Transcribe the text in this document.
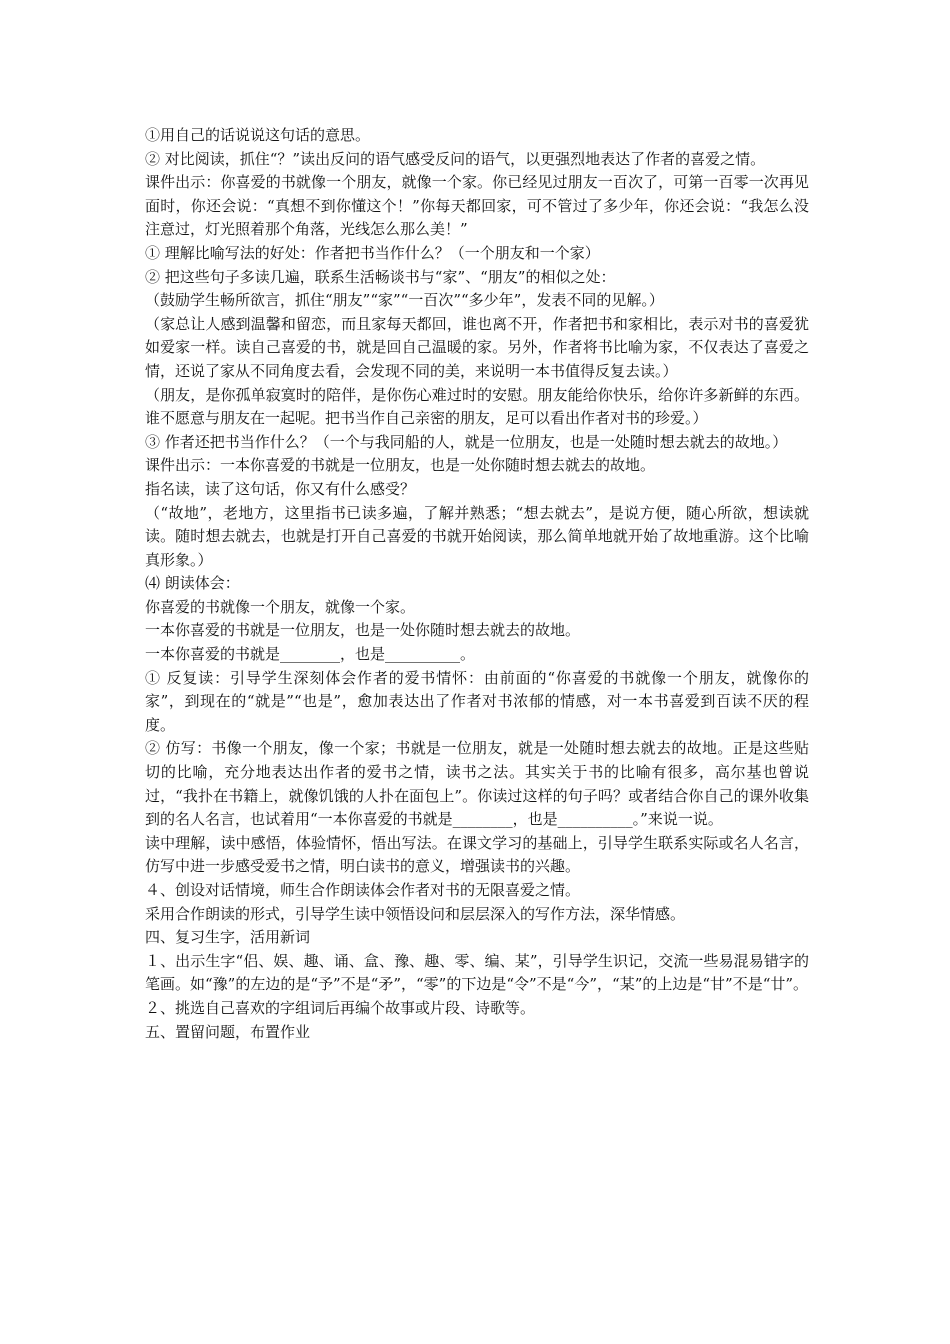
①用自己的话说说这句话的意思。

② 对比阅读，抓住“？”读出反问的语气感受反问的语气，以更强烈地表达了作者的喜爱之情。

课件出示：你喜爱的书就像一个朋友，就像一个家。你已经见过朋友一百次了，可第一百零一次再见面时，你还会说：“真想不到你懂这个！”你每天都回家，可不管过了多少年，你还会说：“我怎么没注意过，灯光照着那个角落，光线怎么那么美！”

① 理解比喻写法的好处：作者把书当作什么？（一个朋友和一个家）

② 把这些句子多读几遍，联系生活畅谈书与“家”、“朋友”的相似之处：

（鼓励学生畅所欲言，抓住“朋友”“家”“一百次”“多少年”，发表不同的见解。）

（家总让人感到温馨和留恋，而且家每天都回，谁也离不开，作者把书和家相比，表示对书的喜爱犹如爱家一样。读自己喜爱的书，就是回自己温暖的家。另外，作者将书比喻为家，不仅表达了喜爱之情，还说了家从不同角度去看，会发现不同的美，来说明一本书值得反复去读。）

（朋友，是你孤单寂寞时的陪伴，是你伤心难过时的安慰。朋友能给你快乐，给你许多新鲜的东西。谁不愿意与朋友在一起呢。把书当作自己亲密的朋友，足可以看出作者对书的珍爱。）

③ 作者还把书当作什么？（一个与我同船的人，就是一位朋友，也是一处随时想去就去的故地。）

课件出示：一本你喜爱的书就是一位朋友，也是一处你随时想去就去的故地。

指名读，读了这句话，你又有什么感受？

（“故地”，老地方，这里指书已读多遍，了解并熟悉；“想去就去”，是说方便，随心所欲，想读就读。随时想去就去，也就是打开自己喜爱的书就开始阅读，那么简单地就开始了故地重游。这个比喻真形象。）

⑷ 朗读体会：

你喜爱的书就像一个朋友，就像一个家。

一本你喜爱的书就是一位朋友，也是一处你随时想去就去的故地。

一本你喜爱的书就是________，也是__________。

① 反复读：引导学生深刻体会作者的爱书情怀：由前面的“你喜爱的书就像一个朋友，就像你的家”，到现在的“就是”“也是”，愈加表达出了作者对书浓郁的情感，对一本书喜爱到百读不厌的程度。

② 仿写：书像一个朋友，像一个家；书就是一位朋友，就是一处随时想去就去的故地。正是这些贴切的比喻，充分地表达出作者的爱书之情，读书之法。其实关于书的比喻有很多，高尔基也曾说过，“我扑在书籍上，就像饥饿的人扑在面包上”。你读过这样的句子吗？或者结合你自己的课外收集到的名人名言，也试着用“一本你喜爱的书就是________，也是__________。”来说一说。

读中理解，读中感悟，体验情怀，悟出写法。在课文学习的基础上，引导学生联系实际或名人名言，仿写中进一步感受爱书之情，明白读书的意义，增强读书的兴趣。

４、创设对话情境，师生合作朗读体会作者对书的无限喜爱之情。

采用合作朗读的形式，引导学生读中领悟设问和层层深入的写作方法，深华情感。

四、复习生字，活用新词

１、出示生字“侣、娱、趣、诵、盒、豫、趣、零、编、某”，引导学生识记，交流一些易混易错字的笔画。如“豫”的左边的是“予”不是“矛”，“零”的下边是“令”不是“今”，“某”的上边是“甘”不是“廿”。

２、挑选自己喜欢的字组词后再编个故事或片段、诗歌等。

五、置留问题，布置作业
